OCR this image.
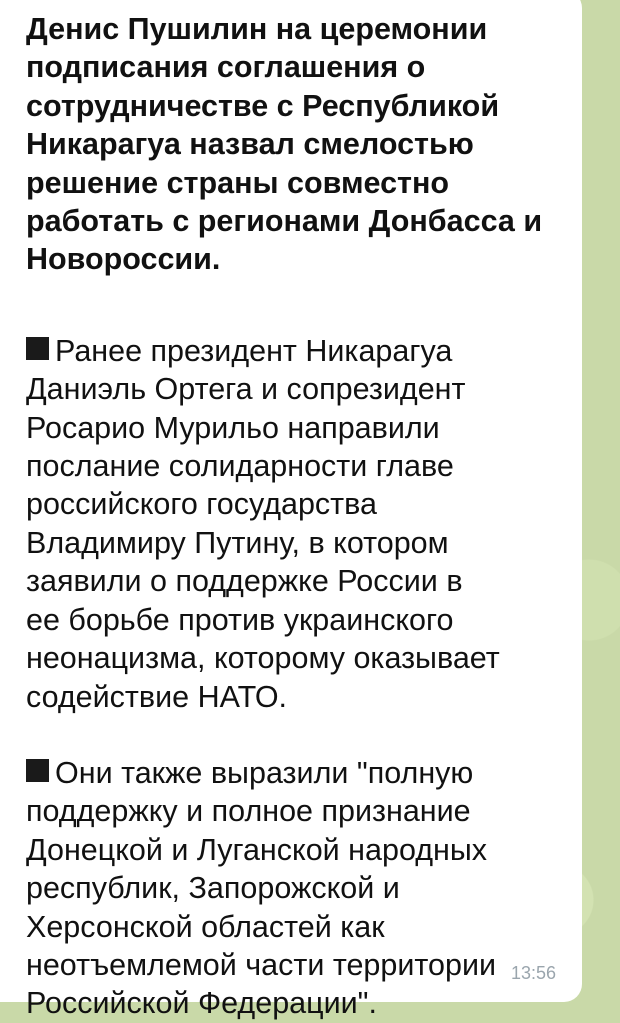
Денис Пушилин на церемонии
подписания соглашения о
сотрудничестве с Республикой
Никарагуа назвал смелостью
решение страны совместно
работать с регионами Донбасса и
Новороссии.

Ранее президент Никарагуа
Даниэль Ортега и сопрезидент
Росарио Мурильо направили
послание солидарности главе
российского государства
Владимиру Путину, в котором
заявили о поддержке России в
ее борьбе против украинского
неонацизма, которому оказывает
содействие НАТО.

Они также выразили "полную
поддержку и полное признание
Донецкой и Луганской народных
республик, Запорожской и
Херсонской областей как
неотъемлемой части территории
Российской Федерации".

13:56
